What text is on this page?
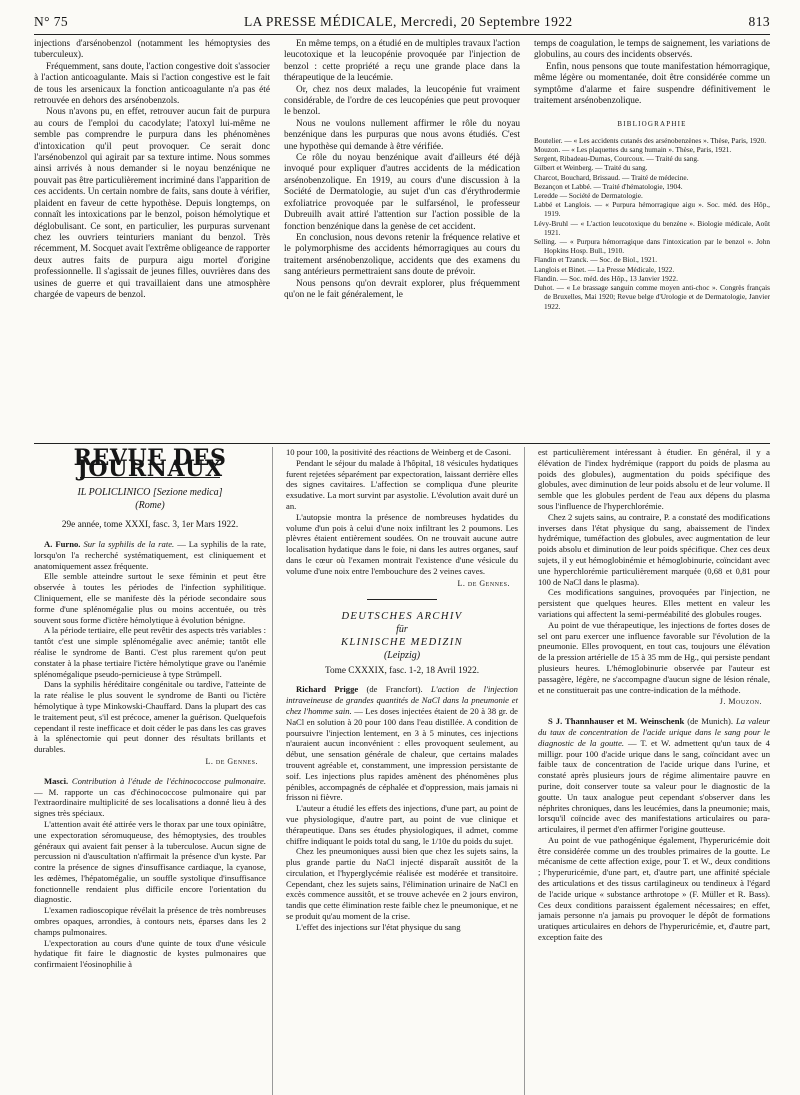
N° 75	LA PRESSE MÉDICALE, Mercredi, 20 Septembre 1922	813

injections d'arsénobenzol (notamment les hémoptysies des tuberculeux).

Fréquemment, sans doute, l'action congestive doit s'associer à l'action anticoagulante. Mais si l'action congestive est le fait de tous les arsenicaux la fonction anticoagulante n'a pas été retrouvée en dehors des arsénobenzols.

Nous n'avons pu, en effet, retrouver aucun fait de purpura au cours de l'emploi du cacodylate; l'atoxyl lui-même ne semble pas comprendre le purpura dans les phénomènes d'intoxication qu'il peut provoquer. Ce serait donc l'arsénobenzol qui agirait par sa texture intime. Nous sommes ainsi arrivés à nous demander si le noyau benzénique ne pouvait pas être particulièrement incriminé dans l'apparition de ces accidents. Un certain nombre de faits, sans doute à vérifier, plaident en faveur de cette hypothèse. Depuis longtemps, on connaît les intoxications par le benzol, poison hémolytique et déglobulisant. Ce sont, en particulier, les purpuras survenant chez les ouvriers teinturiers maniant du benzol. Très récemment, M. Socquet avait l'extrême obligeance de rapporter deux autres faits de purpura aigu mortel d'origine professionnelle. Il s'agissait de jeunes filles, ouvrières dans des usines de guerre et qui travaillaient dans une atmosphère chargée de vapeurs de benzol.

En même temps, on a étudié en de multiples travaux l'action leucotoxique et la leucopénie provoquée par l'injection de benzol : cette propriété a reçu une grande place dans la thérapeutique de la leucémie.

Or, chez nos deux malades, la leucopénie fut vraiment considérable, de l'ordre de ces leucopénies que peut provoquer le benzol.

Nous ne voulons nullement affirmer le rôle du noyau benzénique dans les purpuras que nous avons étudiés. C'est une hypothèse qui demande à être vérifiée.

Ce rôle du noyau benzénique avait d'ailleurs été déjà invoqué pour expliquer d'autres accidents de la médication arsénobenzolique. En 1919, au cours d'une discussion à la Société de Dermatologie, au sujet d'un cas d'érythrodermie exfoliatrice provoquée par le sulfarsénol, le professeur Dubreuilh avait attiré l'attention sur l'action possible de la fonction benzénique dans la genèse de cet accident.

En conclusion, nous devons retenir la fréquence relative et le polymorphisme des accidents hémorragiques au cours du traitement arsénobenzolique, accidents que des examens du sang antérieurs permettraient sans doute de prévoir.

Nous pensons qu'on devrait explorer, plus fréquemment qu'on ne le fait généralement, le

temps de coagulation, le temps de saignement, les variations de globulins, au cours des incidents observés.

Enfin, nous pensons que toute manifestation hémorragique, même légère ou momentanée, doit être considérée comme un symptôme d'alarme et faire suspendre définitivement le traitement arsénobenzolique.

BIBLIOGRAPHIE

Boutelier. — « Les accidents cutanés des arsénobenzènes ». Thèse, Paris, 1920.

Mouzon. — « Les plaquettes du sang humain ». Thèse, Paris, 1921.

Sergent, Ribadeau-Dumas, Courcoux. — Traité du sang.

Gilbert et Weinberg. — Traité du sang.

Charcot, Bouchard, Brissaud. — Traité de médecine.

Bezançon et Labbé. — Traité d'hématologie, 1904.

Leredde — Société de Dermatologie.

Labbé et Langlois. — « Purpura hémorragique aigu ». Soc. méd. des Hôp., 1919.

Lévy-Bruhl — « L'action leucotoxique du benzène ». Biologie médicale, Août 1921.

Selling. — « Purpura hémorragique dans l'intoxication par le benzol ». John Hopkins Hosp. Bull., 1910.

Flandin et Tzanck. — Soc. de Biol., 1921.

Langlois et Binet. — La Presse Médicale, 1922.

Flandin. — Soc. méd. des Hôp., 13 Janvier 1922.

Duhot. — « Le brassage sanguin comme moyen anti-choc ». Congrès français de Bruxelles, Mai 1920; Revue belge d'Urologie et de Dermatologie, Janvier 1922.

REVUE DES JOURNAUX
IL POLICLINICO [Sezione medica]
(Rome)
29e année, tome XXXI, fasc. 3, 1er Mars 1922.

A. Furno. Sur la syphilis de la rate. — La syphilis de la rate, lorsqu'on l'a recherché systématiquement, est cliniquement et anatomiquement assez fréquente.

Elle semble atteindre surtout le sexe féminin et peut être observée à toutes les périodes de l'infection syphilitique. Cliniquement, elle se manifeste dès la période secondaire sous forme d'une splénomégalie plus ou moins accentuée, ou très souvent sous forme d'ictère hémolytique à évolution bénigne.

A la période tertiaire, elle peut revêtir des aspects très variables : tantôt c'est une simple splénomégalie avec anémie; tantôt elle réalise le syndrome de Banti. C'est plus rarement qu'on peut constater à la phase tertiaire l'ictère hémolytique grave ou l'anémie splénomégalique pseudo-pernicieuse à type Strümpell.

Dans la syphilis héréditaire congénitale ou tardive, l'atteinte de la rate réalise le plus souvent le syndrome de Banti ou l'ictère hémolytique à type Minkowski-Chauffard. Dans la plupart des cas le traitement peut, s'il est précoce, amener la guérison. Quelquefois cependant il reste inefficace et doit céder le pas dans les cas graves à la splénectomie qui peut donner des résultats brillants et durables.

L. de Gennes.

Masci. Contribution à l'étude de l'échinococcose pulmonaire. — M. rapporte un cas d'échinococcose pulmonaire qui par l'extraordinaire multiplicité de ses localisations a donné lieu à des signes très spéciaux.

L'attention avait été attirée vers le thorax par une toux opiniâtre, une expectoration séromuqueuse, des hémoptysies, des troubles généraux qui avaient fait penser à la tuberculose. Aucun signe de percussion ni d'auscultation n'affirmait la présence d'un kyste. Par contre la présence de signes d'insuffisance cardiaque, la cyanose, les œdèmes, l'hépatomégalie, un souffle systolique d'insuffisance fonctionnelle rendaient plus difficile encore l'orientation du diagnostic.

L'examen radioscopique révélait la présence de très nombreuses ombres opaques, arrondies, à contours nets, éparses dans les 2 champs pulmonaires.

L'expectoration au cours d'une quinte de toux d'une vésicule hydatique fit faire le diagnostic de kystes pulmonaires que confirmaient l'éosinophilie à

10 pour 100, la positivité des réactions de Weinberg et de Casoni.

Pendant le séjour du malade à l'hôpital, 18 vésicules hydatiques furent rejetées séparément par expectoration, laissant derrière elles des signes cavitaires. L'affection se compliqua d'une pleurite exsudative. La mort survint par asystolie. L'évolution avait duré un an.

L'autopsie montra la présence de nombreuses hydatides du volume d'un pois à celui d'une noix infiltrant les 2 poumons. Les plèvres étaient entièrement soudées. On ne trouvait aucune autre localisation hydatique dans le foie, ni dans les autres organes, sauf dans le cœur où l'examen montrait l'existence d'une vésicule du volume d'une noix entre l'embouchure des 2 veines caves.

L. de Gennes.
DEUTSCHES ARCHIV
für
KLINISCHE MEDIZIN
(Leipzig)
Tome CXXXIX, fasc. 1-2, 18 Avril 1922.

Richard Prigge (de Francfort). L'action de l'injection intraveineuse de grandes quantités de NaCl dans la pneumonie et chez l'homme sain. — Les doses injectées étaient de 20 à 38 gr. de NaCl en solution à 20 pour 100 dans l'eau distillée. A condition de poursuivre l'injection lentement, en 3 à 5 minutes, ces injections n'auraient aucun inconvénient : elles provoquent seulement, au début, une sensation générale de chaleur, que certains malades trouvent agréable et, constamment, une impression persistante de soif. Les injections plus rapides amènent des phénomènes plus pénibles, accompagnés de céphalée et d'oppression, mais jamais ni frisson ni fièvre.

L'auteur a étudié les effets des injections, d'une part, au point de vue physiologique, d'autre part, au point de vue clinique et thérapeutique. Dans ses études physiologiques, il admet, comme chiffre indiquant le poids total du sang, le 1/10e du poids du sujet.

Chez les pneumoniques aussi bien que chez les sujets sains, la plus grande partie du NaCl injecté disparaît aussitôt de la circulation, et l'hyperglycémie réalisée est modérée et transitoire. Cependant, chez les sujets sains, l'élimination urinaire de NaCl en excès commence aussitôt, et se trouve achevée en 2 jours environ, tandis que cette élimination reste faible chez le pneumonique, et ne se produit qu'au moment de la crise.

L'effet des injections sur l'état physique du sang

est particulièrement intéressant à étudier. En général, il y a élévation de l'index hydrémique (rapport du poids de plasma au poids des globules), augmentation du poids spécifique des globules, avec diminution de leur poids absolu et de leur volume. Il semble que les globules perdent de l'eau aux dépens du plasma sous l'influence de l'hyperchlorémie.

Chez 2 sujets sains, au contraire, P. a constaté des modifications inverses dans l'état physique du sang, abaissement de l'index hydrémique, tuméfaction des globules, avec augmentation de leur poids absolu et diminution de leur poids spécifique. Chez ces deux sujets, il y eut hémoglobinémie et hémoglobinurie, coïncidant avec une hyperchlorémie particulièrement marquée (0,68 et 0,81 pour 100 de NaCl dans le plasma).

Ces modifications sanguines, provoquées par l'injection, ne persistent que quelques heures. Elles mettent en valeur les variations qui affectent la semi-perméabilité des globules rouges.

Au point de vue thérapeutique, les injections de fortes doses de sel ont paru exercer une influence favorable sur l'évolution de la pneumonie. Elles provoquent, en tout cas, toujours une élévation de la pression artérielle de 15 à 35 mm de Hg., qui persiste pendant plusieurs heures. L'hémoglobinurie observée par l'auteur est passagère, légère, ne s'accompagne d'aucun signe de lésion rénale, et ne constituerait pas une contre-indication de la méthode.

J. Mouzon.

S J. Thannhauser et M. Weinschenk (de Munich). La valeur du taux de concentration de l'acide urique dans le sang pour le diagnostic de la goutte. — T. et W. admettent qu'un taux de 4 milligr. pour 100 d'acide urique dans le sang, coïncidant avec un faible taux de concentration de l'acide urique dans l'urine, et constaté après plusieurs jours de régime alimentaire pauvre en purine, doit conserver toute sa valeur pour le diagnostic de la goutte. Un taux analogue peut cependant s'observer dans les néphrites chroniques, dans les leucémies, dans la pneumonie; mais, lorsqu'il coïncide avec des manifestations articulaires ou para-articulaires, il permet d'en affirmer l'origine goutteuse.

Au point de vue pathogénique également, l'hyperuricémie doit être considérée comme un des troubles primaires de la goutte. Le mécanisme de cette affection exige, pour T. et W., deux conditions ; l'hyperuricémie, d'une part, et, d'autre part, une affinité spéciale des articulations et des tissus cartilagineux ou tendineux à l'égard de l'acide urique « substance arthrotope » (F. Müller et R. Bass). Ces deux conditions paraissent également nécessaires; en effet, jamais personne n'a jamais pu provoquer le dépôt de formations uratiques articulaires en dehors de l'hyperuricémie, et, d'autre part, exception faite des
